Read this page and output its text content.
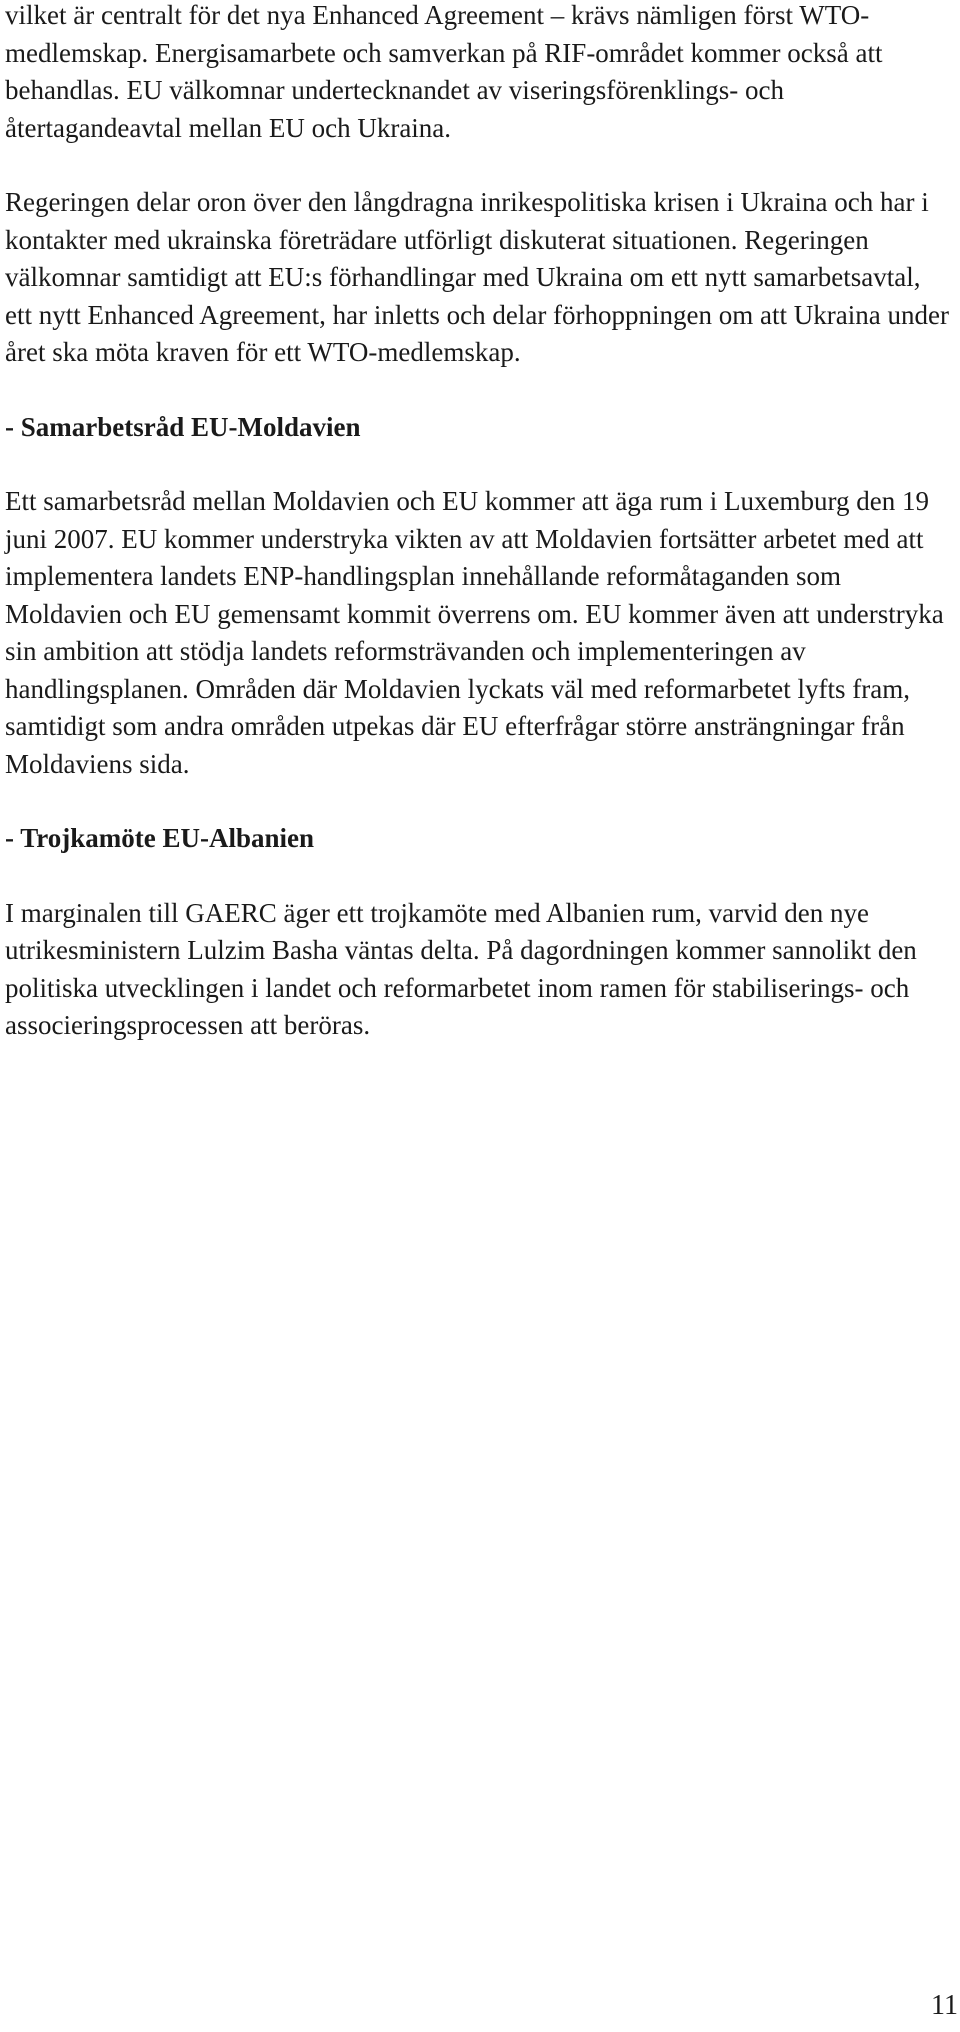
vilket är centralt för det nya Enhanced Agreement – krävs nämligen först WTO-medlemskap. Energisamarbete och samverkan på RIF-området kommer också att behandlas. EU välkomnar undertecknandet av viseringsförenklings- och återtagandeavtal mellan EU och Ukraina.

Regeringen delar oron över den långdragna inrikespolitiska krisen i Ukraina och har i kontakter med ukrainska företrädare utförligt diskuterat situationen. Regeringen välkomnar samtidigt att EU:s förhandlingar med Ukraina om ett nytt samarbetsavtal, ett nytt Enhanced Agreement, har inletts och delar förhoppningen om att Ukraina under året ska möta kraven för ett WTO-medlemskap.

- Samarbetsråd EU-Moldavien

Ett samarbetsråd mellan Moldavien och EU kommer att äga rum i Luxemburg den 19 juni 2007. EU kommer understryka vikten av att Moldavien fortsätter arbetet med att implementera landets ENP-handlingsplan innehållande reformåtaganden som Moldavien och EU gemensamt kommit överrens om. EU kommer även att understryka sin ambition att stödja landets reformsträvanden och implementeringen av handlingsplanen. Områden där Moldavien lyckats väl med reformarbetet lyfts fram, samtidigt som andra områden utpekas där EU efterfrågar större ansträngningar från Moldaviens sida.

- Trojkamöte EU-Albanien

I marginalen till GAERC äger ett trojkamöte med Albanien rum, varvid den nye utrikesministern Lulzim Basha väntas delta. På dagordningen kommer sannolikt den politiska utvecklingen i landet och reformarbetet inom ramen för stabiliserings- och associeringsprocessen att beröras.

11
